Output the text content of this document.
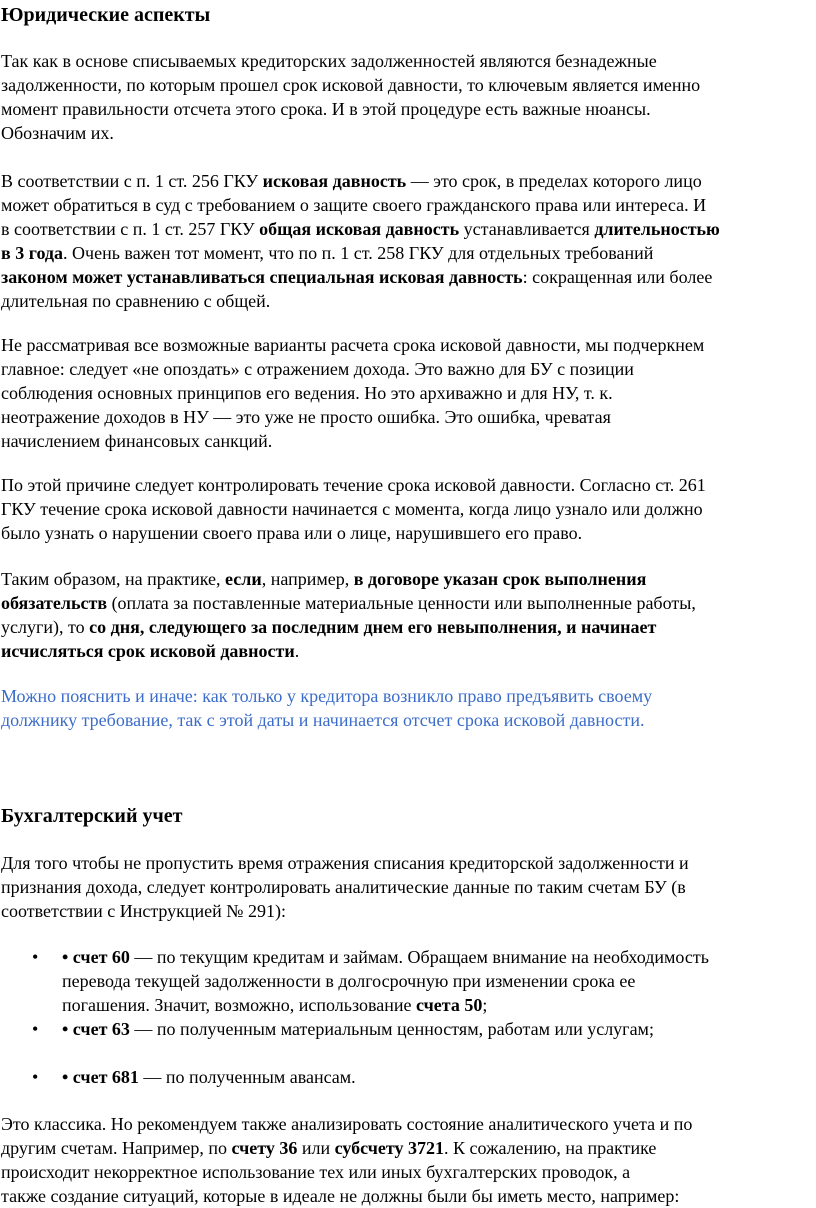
Юридические аспекты

Так как в основе списываемых кредиторских задолженностей являются безнадежные
задолженности, по которым прошел срок исковой давности, то ключевым является именно
момент правильности отсчета этого срока. И в этой процедуре есть важные нюансы.
Обозначим их.

В соответствии с п. 1 ст. 256 ГКУ исковая давность — это срок, в пределах которого лицо
может обратиться в суд с требованием о защите своего гражданского права или интереса. И
в соответствии с п. 1 ст. 257 ГКУ общая исковая давность устанавливается длительностью
в 3 года. Очень важен тот момент, что по п. 1 ст. 258 ГКУ для отдельных требований
законом может устанавливаться специальная исковая давность: сокращенная или более
длительная по сравнению с общей.

Не рассматривая все возможные варианты расчета срока исковой давности, мы подчеркнем
главное: следует «не опоздать» с отражением дохода. Это важно для БУ с позиции
соблюдения основных принципов его ведения. Но это архиважно и для НУ, т. к.
неотражение доходов в НУ — это уже не просто ошибка. Это ошибка, чреватая
начислением финансовых санкций.

По этой причине следует контролировать течение срока исковой давности. Согласно ст. 261
ГКУ течение срока исковой давности начинается с момента, когда лицо узнало или должно
было узнать о нарушении своего права или о лице, нарушившего его право.

Таким образом, на практике, если, например, в договоре указан срок выполнения
обязательств (оплата за поставленные материальные ценности или выполненные работы,
услуги), то со дня, следующего за последним днем его невыполнения, и начинает
исчисляться срок исковой давности.

Можно пояснить и иначе: как только у кредитора возникло право предъявить своему
должнику требование, так с этой даты и начинается отсчет срока исковой давности.

Бухгалтерский учет

Для того чтобы не пропустить время отражения списания кредиторской задолженности и
признания дохода, следует контролировать аналитические данные по таким счетам БУ (в
соответствии с Инструкцией № 291):

• • счет 60 — по текущим кредитам и займам. Обращаем внимание на необходимость
перевода текущей задолженности в долгосрочную при изменении срока ее
погашения. Значит, возможно, использование счета 50;
• • счет 63 — по полученным материальным ценностям, работам или услугам;
• • счет 681 — по полученным авансам.

Это классика. Но рекомендуем также анализировать состояние аналитического учета и по
другим счетам. Например, по счету 36 или субсчету 3721. К сожалению, на практике
происходит некорректное использование тех или иных бухгалтерских проводок, а
также создание ситуаций, которые в идеале не должны были бы иметь место, например:
